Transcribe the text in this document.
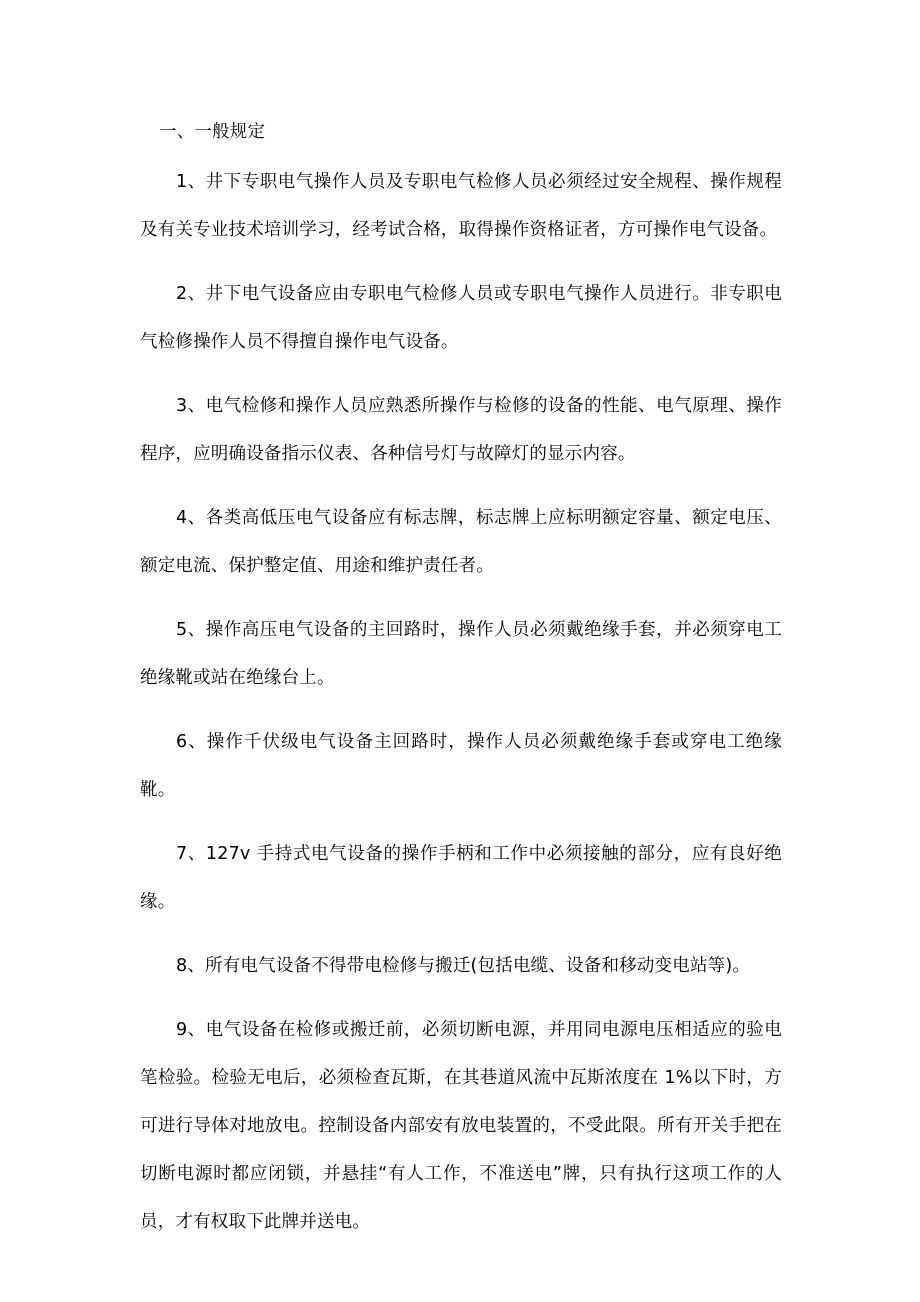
一、一般规定

1、井下专职电气操作人员及专职电气检修人员必须经过安全规程、操作规程及有关专业技术培训学习，经考试合格，取得操作资格证者，方可操作电气设备。

2、井下电气设备应由专职电气检修人员或专职电气操作人员进行。非专职电气检修操作人员不得擅自操作电气设备。

3、电气检修和操作人员应熟悉所操作与检修的设备的性能、电气原理、操作程序，应明确设备指示仪表、各种信号灯与故障灯的显示内容。

4、各类高低压电气设备应有标志牌，标志牌上应标明额定容量、额定电压、额定电流、保护整定值、用途和维护责任者。

5、操作高压电气设备的主回路时，操作人员必须戴绝缘手套，并必须穿电工绝缘靴或站在绝缘台上。

6、操作千伏级电气设备主回路时，操作人员必须戴绝缘手套或穿电工绝缘靴。

7、127v 手持式电气设备的操作手柄和工作中必须接触的部分，应有良好绝缘。

8、所有电气设备不得带电检修与搬迁(包括电缆、设备和移动变电站等)。

9、电气设备在检修或搬迁前，必须切断电源，并用同电源电压相适应的验电笔检验。检验无电后，必须检查瓦斯，在其巷道风流中瓦斯浓度在 1%以下时，方可进行导体对地放电。控制设备内部安有放电装置的，不受此限。所有开关手把在切断电源时都应闭锁，并悬挂“有人工作，不准送电”牌，只有执行这项工作的人员，才有权取下此牌并送电。
